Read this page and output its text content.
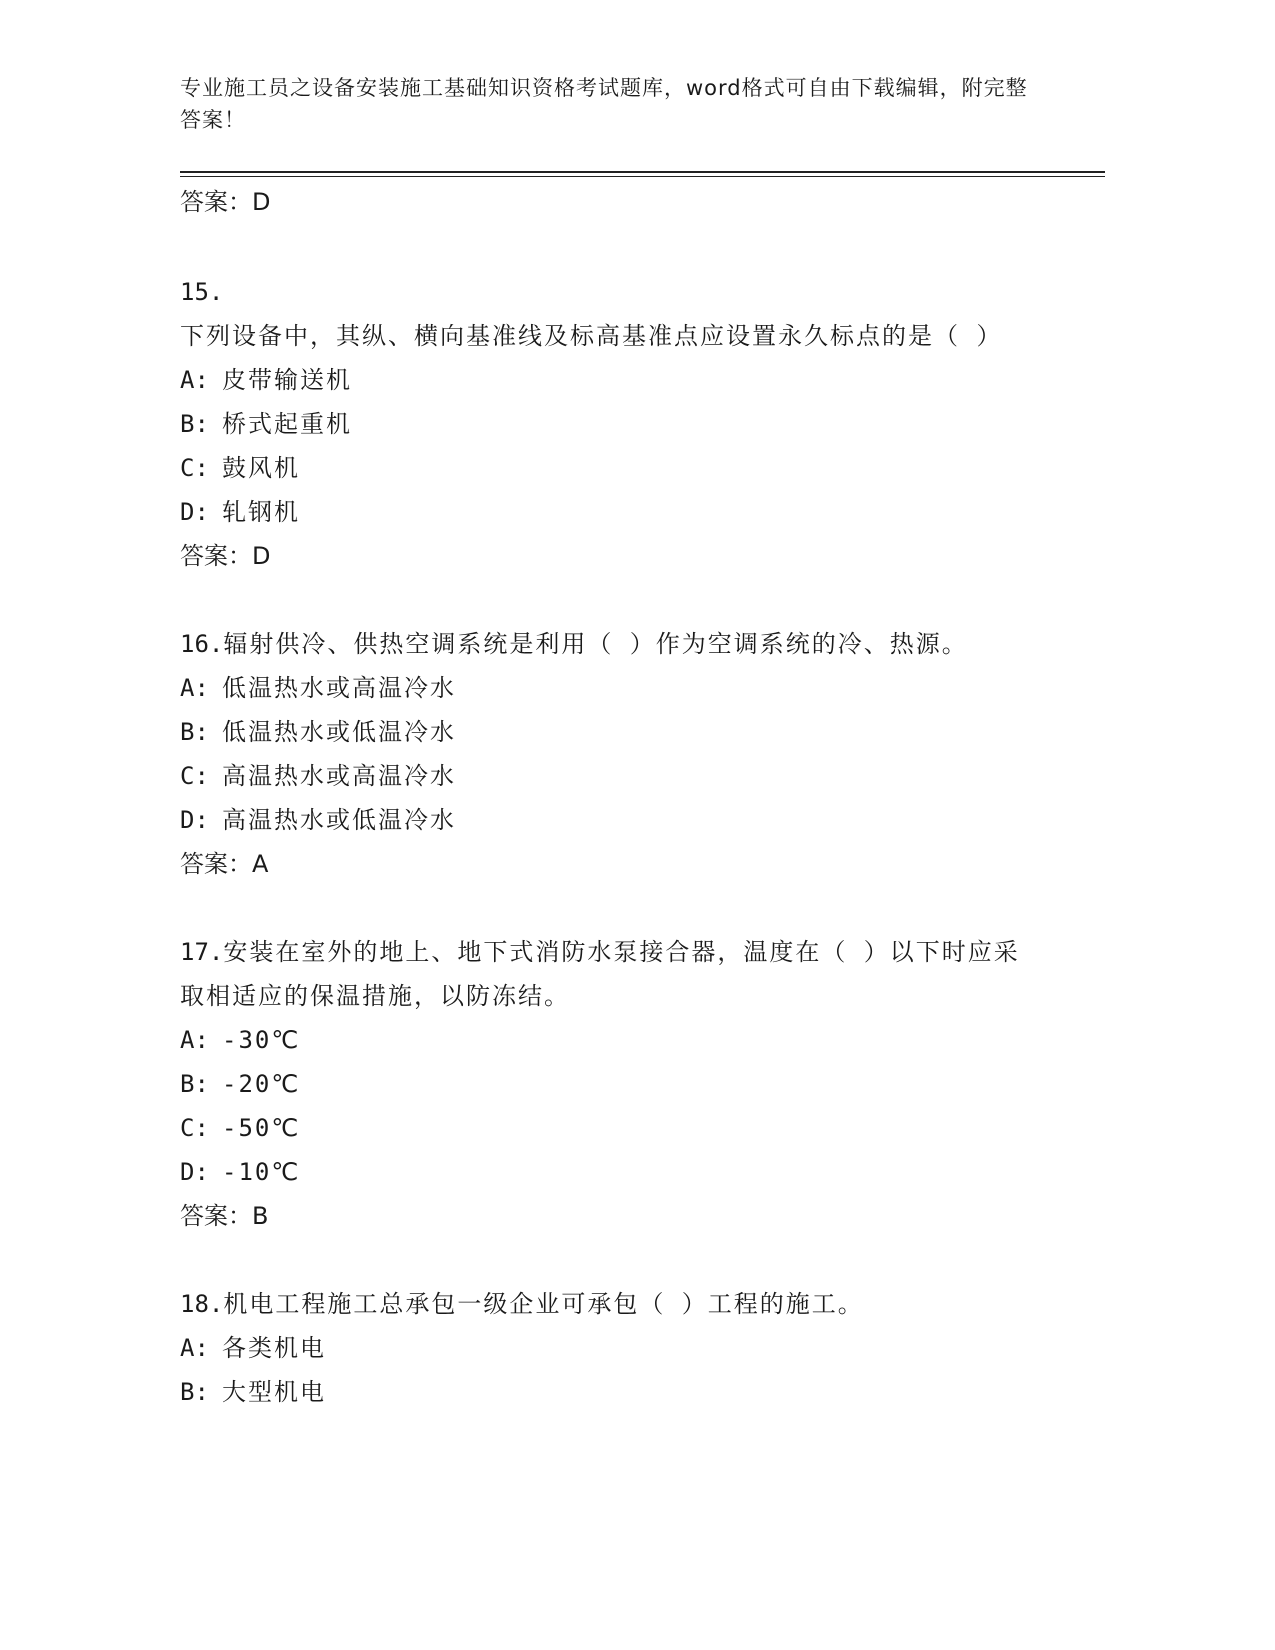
专业施工员之设备安装施工基础知识资格考试题库，word格式可自由下载编辑，附完整答案！
答案：D
15.下列设备中，其纵、横向基准线及标高基准点应设置永久标点的是（ ）
A: 皮带输送机
B: 桥式起重机
C: 鼓风机
D: 轧钢机
答案：D
16.辐射供冷、供热空调系统是利用（ ）作为空调系统的冷、热源。
A: 低温热水或高温冷水
B: 低温热水或低温冷水
C: 高温热水或高温冷水
D: 高温热水或低温冷水
答案：A
17.安装在室外的地上、地下式消防水泵接合器，温度在（ ）以下时应采取相适应的保温措施，以防冻结。
A: -30℃
B: -20℃
C: -50℃
D: -10℃
答案：B
18.机电工程施工总承包一级企业可承包（ ）工程的施工。
A: 各类机电
B: 大型机电
